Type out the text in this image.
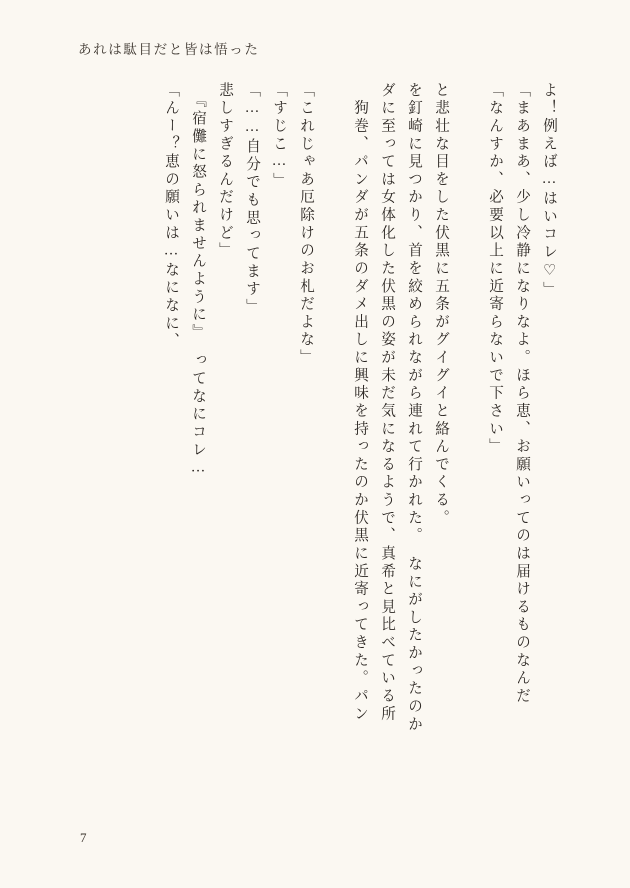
あれは駄目だと皆は悟った
「んー？恵の願いは…なになに、 　『宿儺に怒られませんように』　ってなにコレ… 悲しすぎるんだけど」 「……自分でも思ってます」 「すじこ…」 「これじゃあ厄除けのお札だよな」	　狗巻、パンダが五条のダメ出しに興味を持ったのか伏黒に近寄ってきた。パン ダに至っては女体化した伏黒の姿が未だ気になるようで、真希と見比べている所 を釘崎に見つかり、首を絞められながら連れて行かれた。　なにがしたかったのか と悲壮な目をした伏黒に五条がグイグイと絡んでくる。	「なんすか、必要以上に近寄らないで下さい」 「まあまあ、少し冷静になりなよ。ほら恵、お願いってのは届けるものなんだ よ！例えば…はいコレ♡」
7
